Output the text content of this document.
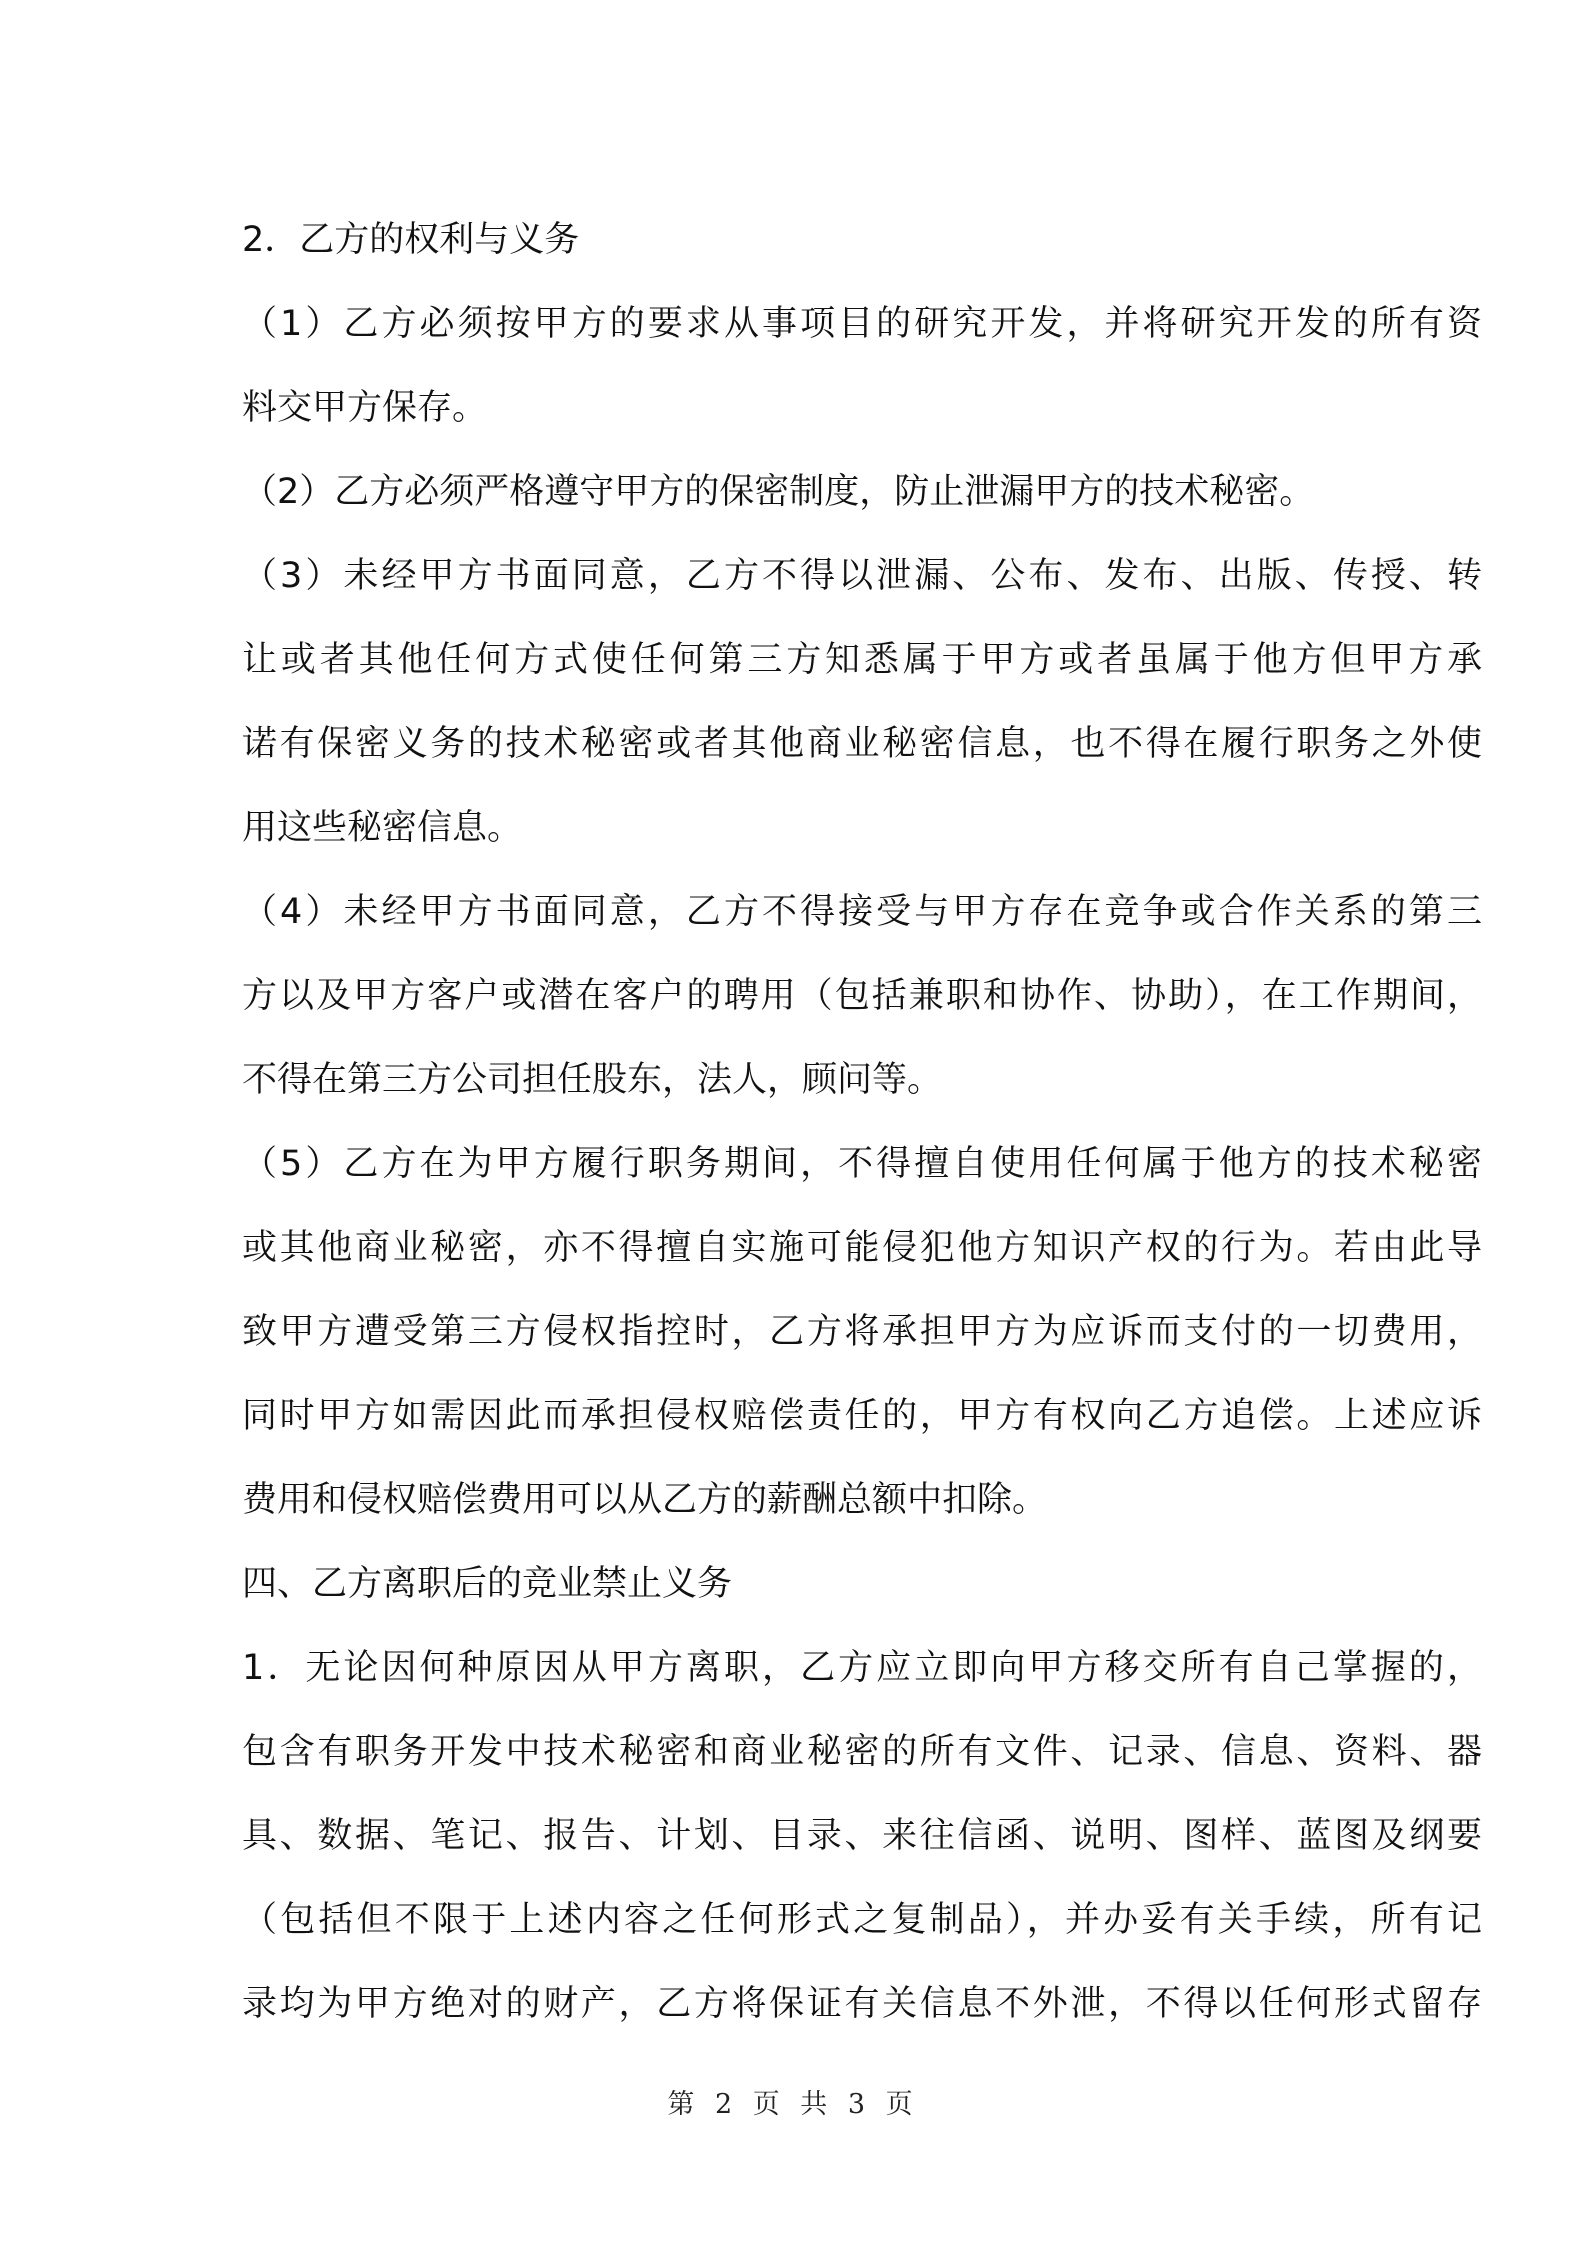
2．乙方的权利与义务
（1）乙方必须按甲方的要求从事项目的研究开发，并将研究开发的所有资
料交甲方保存。
（2）乙方必须严格遵守甲方的保密制度，防止泄漏甲方的技术秘密。
（3）未经甲方书面同意，乙方不得以泄漏、公布、发布、出版、传授、转
让或者其他任何方式使任何第三方知悉属于甲方或者虽属于他方但甲方承
诺有保密义务的技术秘密或者其他商业秘密信息，也不得在履行职务之外使
用这些秘密信息。
（4）未经甲方书面同意，乙方不得接受与甲方存在竞争或合作关系的第三
方以及甲方客户或潜在客户的聘用（包括兼职和协作、协助），在工作期间，
不得在第三方公司担任股东，法人，顾问等。
（5）乙方在为甲方履行职务期间，不得擅自使用任何属于他方的技术秘密
或其他商业秘密，亦不得擅自实施可能侵犯他方知识产权的行为。若由此导
致甲方遭受第三方侵权指控时，乙方将承担甲方为应诉而支付的一切费用，
同时甲方如需因此而承担侵权赔偿责任的，甲方有权向乙方追偿。上述应诉
费用和侵权赔偿费用可以从乙方的薪酬总额中扣除。
四、乙方离职后的竞业禁止义务
1．无论因何种原因从甲方离职，乙方应立即向甲方移交所有自己掌握的，
包含有职务开发中技术秘密和商业秘密的所有文件、记录、信息、资料、器
具、数据、笔记、报告、计划、目录、来往信函、说明、图样、蓝图及纲要
（包括但不限于上述内容之任何形式之复制品），并办妥有关手续，所有记
录均为甲方绝对的财产，乙方将保证有关信息不外泄，不得以任何形式留存
第 2 页 共 3 页
